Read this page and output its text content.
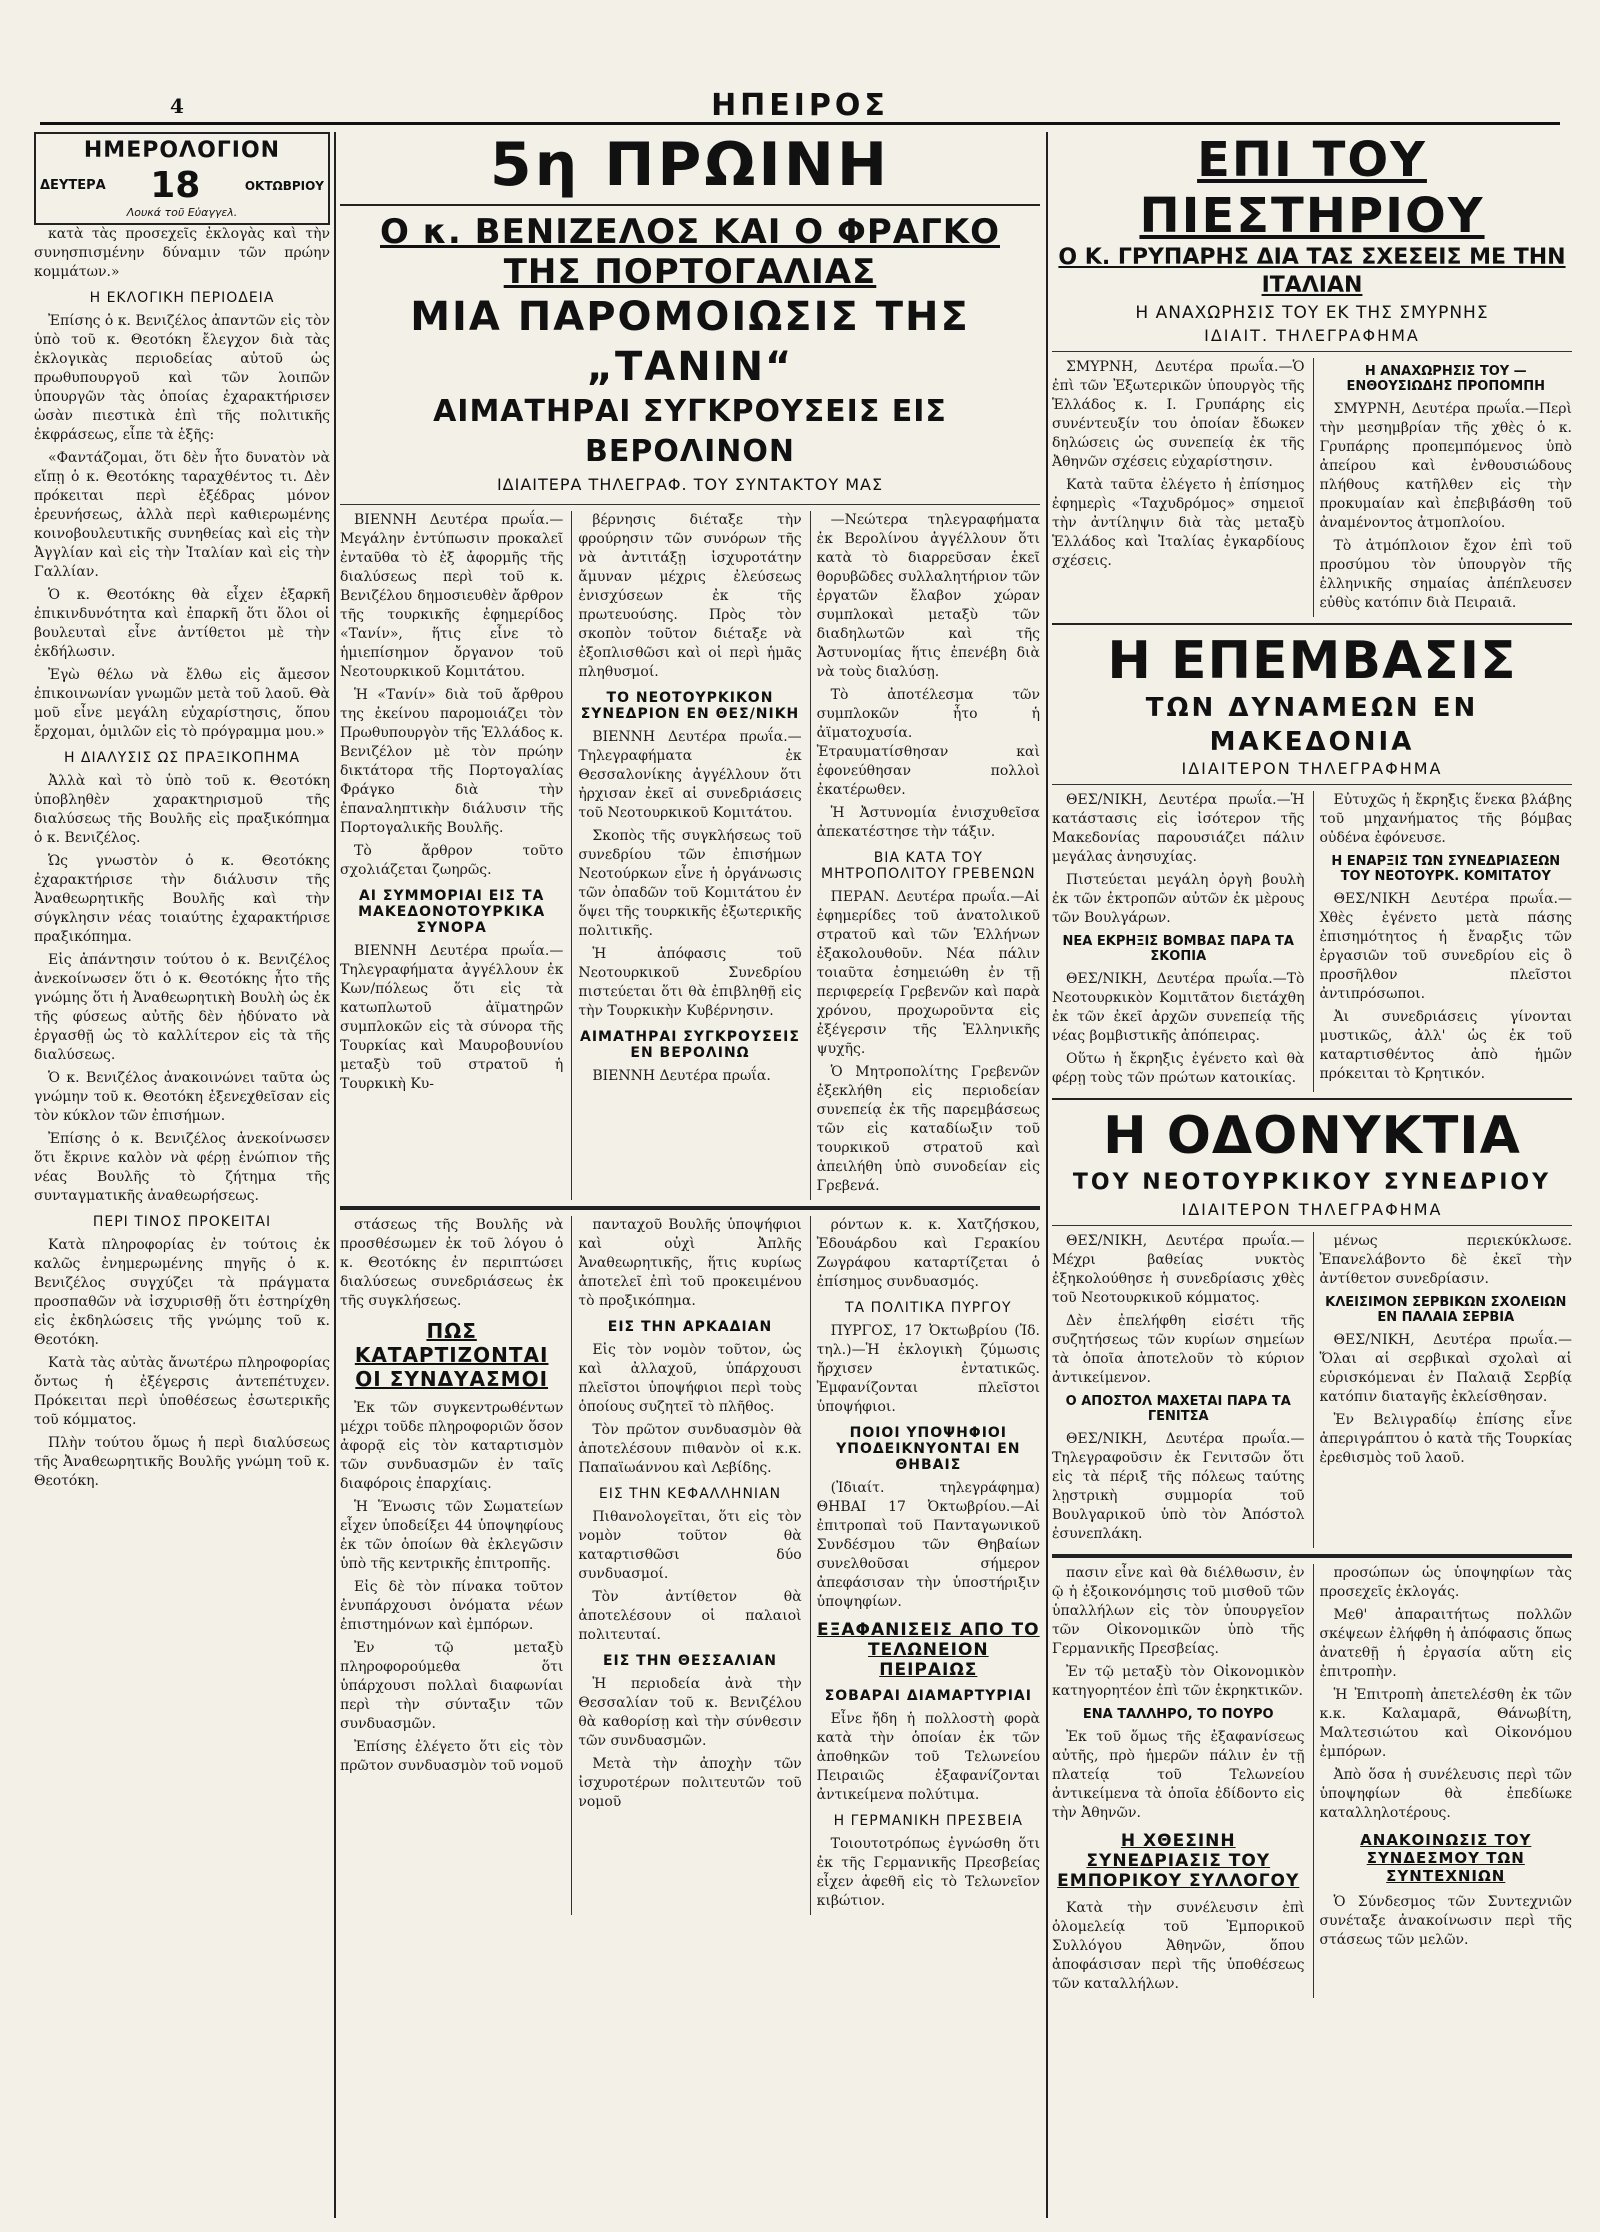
4	ΗΠΕΙΡΟΣ
ΗΜΕΡΟΛΟΓΙΟΝ
ΔΕΥΤΕΡΑ 18	ΟΚΤΩΒΡΙΟΥ
Λουκά τοῦ Εὐαγγελ.

κατὰ τὰς προσεχεῖς ἐκλογὰς καὶ τὴν συνησπισμένην δύναμιν τῶν πρώην κομμάτων.»

Η ΕΚΛΟΓΙΚΗ ΠΕΡΙΟΔΕΙΑ

Ἐπίσης ὁ κ. Βενιζέλος ἀπαντῶν εἰς τὸν ὑπὸ τοῦ κ. Θεοτόκη ἔλεγχον διὰ τὰς ἐκλογικὰς περιοδείας αὐτοῦ ὡς πρωθυπουργοῦ καὶ τῶν λοιπῶν ὑπουργῶν τὰς ὁποίας ἐχαρακτήρισεν ὡσὰν πιεστικὰ ἐπὶ τῆς πολιτικῆς ἐκφράσεως, εἶπε τὰ ἑξῆς:

«Φαντάζομαι, ὅτι δὲν ἦτο δυνατὸν νὰ εἴπῃ ὁ κ. Θεοτόκης ταραχθέντος τι. Δὲν πρόκειται περὶ ἐξέδρας μόνον ἐρευνήσεως, ἀλλὰ περὶ καθιερωμένης κοινοβουλευτικῆς συνηθείας καὶ εἰς τὴν Ἀγγλίαν καὶ εἰς τὴν Ἰταλίαν καὶ εἰς τὴν Γαλλίαν.

Ὁ κ. Θεοτόκης θὰ εἶχεν ἐξαρκῆ ἐπικινδυνότητα καὶ ἐπαρκῆ ὅτι ὅλοι οἱ βουλευταὶ εἶνε ἀντίθετοι μὲ τὴν ἐκδήλωσιν.

Ἐγὼ θέλω νὰ ἔλθω εἰς ἄμεσον ἐπικοινωνίαν γνωμῶν μετὰ τοῦ λαοῦ. Θὰ μοῦ εἶνε μεγάλη εὐχαρίστησις, ὅπου ἔρχομαι, ὁμιλῶν εἰς τὸ πρόγραμμα μου.»

Η ΔΙΑΛΥΣΙΣ ΩΣ ΠΡΑΞΙΚΟΠΗΜΑ

Ἀλλὰ καὶ τὸ ὑπὸ τοῦ κ. Θεοτόκη ὑποβληθὲν χαρακτηρισμοῦ τῆς διαλύσεως τῆς Βουλῆς εἰς πραξικόπημα ὁ κ. Βενιζέλος.

Ὡς γνωστὸν ὁ κ. Θεοτόκης ἐχαρακτήρισε τὴν διάλυσιν τῆς Ἀναθεωρητικῆς Βουλῆς καὶ τὴν σύγκλησιν νέας τοιαύτης ἐχαρακτήρισε πραξικόπημα.

Εἰς ἀπάντησιν τούτου ὁ κ. Βενιζέλος ἀνεκοίνωσεν ὅτι ὁ κ. Θεοτόκης ἦτο τῆς γνώμης ὅτι ἡ Ἀναθεωρητικὴ Βουλὴ ὡς ἐκ τῆς φύσεως αὐτῆς δὲν ἠδύνατο νὰ ἐργασθῇ ὡς τὸ καλλίτερον εἰς τὰ τῆς διαλύσεως.

Ὁ κ. Βενιζέλος ἀνακοινώνει ταῦτα ὡς γνώμην τοῦ κ. Θεοτόκη ἐξενεχθεῖσαν εἰς τὸν κύκλον τῶν ἐπισήμων.

Ἐπίσης ὁ κ. Βενιζέλος ἀνεκοίνωσεν ὅτι ἔκρινε καλὸν νὰ φέρῃ ἐνώπιον τῆς νέας Βουλῆς τὸ ζήτημα τῆς συνταγματικῆς ἀναθεωρήσεως.

ΠΕΡΙ ΤΙΝΟΣ ΠΡΟΚΕΙΤΑΙ

Κατὰ πληροφορίας ἐν τούτοις ἐκ καλῶς ἐνημερωμένης πηγῆς ὁ κ. Βενιζέλος συγχύζει τὰ πράγματα προσπαθῶν νὰ ἰσχυρισθῇ ὅτι ἐστηρίχθη εἰς ἐκδηλώσεις τῆς γνώμης τοῦ κ. Θεοτόκη.

Κατὰ τὰς αὐτὰς ἄνωτέρω πληροφορίας ὄντως ἡ ἐξέγερσις ἀντεπέτυχεν. Πρόκειται περὶ ὑποθέσεως ἐσωτερικῆς τοῦ κόμματος.

Πλὴν τούτου ὅμως ἡ περὶ διαλύσεως τῆς Ἀναθεωρητικῆς Βουλῆς γνώμη τοῦ κ. Θεοτόκη.

5η ΠΡΩΙΝΗ
Ο κ. ΒΕΝΙΖΕΛΟΣ ΚΑΙ Ο ΦΡΑΓΚΟ ΤΗΣ ΠΟΡΤΟΓΑΛΙΑΣ
ΜΙΑ ΠΑΡΟΜΟΙΩΣΙΣ ΤΗΣ „ΤΑΝΙΝ“
ΑΙΜΑΤΗΡΑΙ ΣΥΓΚΡΟΥΣΕΙΣ ΕΙΣ ΒΕΡΟΛΙΝΟΝ
ΙΔΙΑΙΤΕΡΑ ΤΗΛΕΓΡΑΦ. ΤΟΥ ΣΥΝΤΑΚΤΟΥ ΜΑΣ

ΒΙΕΝΝΗ Δευτέρα πρωΐα.—Μεγάλην ἐντύπωσιν προκαλεῖ ἐνταῦθα τὸ ἐξ ἀφορμῆς τῆς διαλύσεως περὶ τοῦ κ. Βενιζέλου δημοσιευθὲν ἄρθρον τῆς τουρκικῆς ἐφημερίδος «Τανίν», ἥτις εἶνε τὸ ἡμιεπίσημον ὄργανον τοῦ Νεοτουρκικοῦ Κομιτάτου.

Ἡ «Τανίν» διὰ τοῦ ἄρθρου της ἐκείνου παρομοιάζει τὸν Πρωθυπουργὸν τῆς Ἑλλάδος κ. Βενιζέλον μὲ τὸν πρώην δικτάτορα τῆς Πορτογαλίας Φράγκο διὰ τὴν ἐπαναληπτικὴν διάλυσιν τῆς Πορτογαλικῆς Βουλῆς.

Τὸ ἄρθρον τοῦτο σχολιάζεται ζωηρῶς.

ΑΙ ΣΥΜΜΟΡΙΑΙ ΕΙΣ ΤΑ ΜΑΚΕΔΟΝΟΤΟΥΡΚΙΚΑ ΣΥΝΟΡΑ

ΒΙΕΝΝΗ Δευτέρα πρωΐα.—Τηλεγραφήματα ἀγγέλλουν ἐκ Κων/πόλεως ὅτι εἰς τὰ κατωπλωτοῦ ἀϊματηρῶν συμπλοκῶν εἰς τὰ σύνορα τῆς Τουρκίας καὶ Μαυροβουνίου μεταξὺ τοῦ στρατοῦ ἡ Τουρκικὴ Κυ-

βέρνησις διέταξε τὴν φρούρησιν τῶν συνόρων τῆς νὰ ἀντιτάξῃ ἰσχυροτάτην ἄμυναν μέχρις ἐλεύσεως ἐνισχύσεων ἐκ τῆς πρωτευούσης. Πρὸς τὸν σκοπὸν τοῦτον διέταξε νὰ ἐξοπλισθῶσι καὶ οἱ περὶ ἡμᾶς πληθυσμοί.

ΤΟ ΝΕΟΤΟΥΡΚΙΚΟΝ ΣΥΝΕΔΡΙΟΝ ΕΝ ΘΕΣ/ΝΙΚΗ

ΒΙΕΝΝΗ Δευτέρα πρωΐα.—Τηλεγραφήματα ἐκ Θεσσαλονίκης ἀγγέλλουν ὅτι ἠρχισαν ἐκεῖ αἱ συνεδριάσεις τοῦ Νεοτουρκικοῦ Κομιτάτου.

Σκοπὸς τῆς συγκλήσεως τοῦ συνεδρίου τῶν ἐπισήμων Νεοτούρκων εἶνε ἡ ὀργάνωσις τῶν ὀπαδῶν τοῦ Κομιτάτου ἐν ὅψει τῆς τουρκικῆς ἐξωτερικῆς πολιτικῆς.

Ἡ ἀπόφασις τοῦ Νεοτουρκικοῦ Συνεδρίου πιστεύεται ὅτι θὰ ἐπιβληθῇ εἰς τὴν Τουρκικὴν Κυβέρνησιν.

ΑΙΜΑΤΗΡΑΙ ΣΥΓΚΡΟΥΣΕΙΣ ΕΝ ΒΕΡΟΛΙΝΩ

ΒΙΕΝΝΗ Δευτέρα πρωΐα.

—Νεώτερα τηλεγραφήματα ἐκ Βερολίνου ἀγγέλλουν ὅτι κατὰ τὸ διαρρεῦσαν ἑκεῖ θορυβῶδες συλλαλητήριον τῶν ἐργατῶν ἔλαβον χώραν συμπλοκαὶ μεταξὺ τῶν διαδηλωτῶν καὶ τῆς Ἀστυνομίας ἥτις ἐπενέβη διὰ νὰ τοὺς διαλύσῃ.

Τὸ ἀποτέλεσμα τῶν συμπλοκῶν ἦτο ἡ ἀϊματοχυσία. Ἐτραυματίσθησαν καὶ ἐφονεύθησαν πολλοὶ ἐκατέρωθεν.

Ἡ Ἀστυνομία ἐνισχυθεῖσα ἀπεκατέστησε τὴν τάξιν.

ΒΙΑ ΚΑΤΑ ΤΟΥ ΜΗΤΡΟΠΟΛΙΤΟΥ ΓΡΕΒΕΝΩΝ

ΠΕΡΑΝ. Δευτέρα πρωΐα.—Αἱ ἐφημερίδες τοῦ ἀνατολικοῦ στρατοῦ καὶ τῶν Ἑλλήνων ἐξακολουθοῦν. Νέα πάλιν τοιαῦτα ἐσημειώθη ἐν τῇ περιφερείᾳ Γρεβενῶν καὶ παρὰ χρόνου, προχωροῦντα εἰς ἐξέγερσιν τῆς Ἑλληνικῆς ψυχῆς.

Ὁ Μητροπολίτης Γρεβενῶν ἐξεκλήθη εἰς περιοδείαν συνεπείᾳ ἐκ τῆς παρεμβάσεως τῶν εἰς καταδίωξιν τοῦ τουρκικοῦ στρατοῦ καὶ ἀπειλήθη ὑπὸ συνοδείαν εἰς Γρεβενά.

στάσεως τῆς Βουλῆς νὰ προσθέσωμεν ἐκ τοῦ λόγου ὁ κ. Θεοτόκης ἐν περιπτώσει διαλύσεως συνεδριάσεως ἐκ τῆς συγκλήσεως.

ΠΩΣ ΚΑΤΑΡΤΙΖΟΝΤΑΙ ΟΙ ΣΥΝΔΥΑΣΜΟΙ

Ἐκ τῶν συγκεντρωθέντων μέχρι τοῦδε πληροφοριῶν ὅσον ἀφορᾷ εἰς τὸν καταρτισμὸν τῶν συνδυασμῶν ἐν ταῖς διαφόροις ἐπαρχίαις.

Ἡ Ἕνωσις τῶν Σωματείων εἶχεν ὑποδείξει 44 ὑποψηφίους ἐκ τῶν ὁποίων θὰ ἐκλεγῶσιν ὑπὸ τῆς κεντρικῆς ἐπιτροπῆς.

Εἰς δὲ τὸν πίνακα τοῦτον ἐνυπάρχουσι ὀνόματα νέων ἐπιστημόνων καὶ ἐμπόρων.

Ἐν τῷ μεταξὺ πληροφορούμεθα ὅτι ὑπάρχουσι πολλαὶ διαφωνίαι περὶ τὴν σύνταξιν τῶν συνδυασμῶν.

Ἐπίσης ἐλέγετο ὅτι εἰς τὸν πρῶτον συνδυασμὸν τοῦ νομοῦ

πανταχοῦ Βουλῆς ὑποψήφιοι καὶ οὐχὶ Ἀπλῆς Ἀναθεωρητικῆς, ἥτις κυρίως ἀποτελεῖ ἐπὶ τοῦ προκειμένου τὸ προξικόπημα.

ΕΙΣ ΤΗΝ ΑΡΚΑΔΙΑΝ

Εἰς τὸν νομὸν τοῦτον, ὡς καὶ ἀλλαχοῦ, ὑπάρχουσι πλεῖστοι ὑποψήφιοι περὶ τοὺς ὁποίους συζητεῖ τὸ πλῆθος.

Τὸν πρῶτον συνδυασμὸν θὰ ἀποτελέσουν πιθανὸν οἱ κ.κ. Παπαϊωάννου καὶ Λεβίδης.

ΕΙΣ ΤΗΝ ΚΕΦΑΛΛΗΝΙΑΝ

Πιθανολογεῖται, ὅτι εἰς τὸν νομὸν τοῦτον θὰ καταρτισθῶσι δύο συνδυασμοί.

Τὸν ἀντίθετον θὰ ἀποτελέσουν οἱ παλαιοὶ πολιτευταί.

ΕΙΣ ΤΗΝ ΘΕΣΣΑΛΙΑΝ

Ἡ περιοδεία ἀνὰ τὴν Θεσσαλίαν τοῦ κ. Βενιζέλου θὰ καθορίσῃ καὶ τὴν σύνθεσιν τῶν συνδυασμῶν.

Μετὰ τὴν ἀποχὴν τῶν ἰσχυροτέρων πολιτευτῶν τοῦ νομοῦ

ρόντων κ. κ. Χατζήσκου, Ἐδουάρδου καὶ Γερακίου Ζωγράφου καταρτίζεται ὁ ἐπίσημος συνδυασμός.

ΤΑ ΠΟΛΙΤΙΚΑ ΠΥΡΓΟΥ

ΠΥΡΓΟΣ, 17 Ὀκτωβρίου (Ἰδ. τηλ.)—Ἡ ἐκλογικὴ ζύμωσις ἤρχισεν ἐντατικῶς. Ἐμφανίζονται πλεῖστοι ὑποψήφιοι.

ΠΟΙΟΙ ΥΠΟΨΗΦΙΟΙ ΥΠΟΔΕΙΚΝΥΟΝΤΑΙ ΕΝ ΘΗΒΑΙΣ

(Ἰδιαίτ. τηλεγράφημα) ΘΗΒΑΙ 17 Ὀκτωβρίου.—Αἱ ἐπιτροπαὶ τοῦ Πανταγωνικοῦ Συνδέσμου τῶν Θηβαίων συνελθοῦσαι σήμερον ἀπεφάσισαν τὴν ὑποστήριξιν ὑποψηφίων.

ΕΞΑΦΑΝΙΣΕΙΣ ΑΠΟ ΤΟ ΤΕΛΩΝΕΙΟΝ ΠΕΙΡΑΙΩΣ
ΣΟΒΑΡΑΙ ΔΙΑΜΑΡΤΥΡΙΑΙ

Εἶνε ἤδη ἡ πολλοστὴ φορὰ κατὰ τὴν ὁποίαν ἐκ τῶν ἀποθηκῶν τοῦ Τελωνείου Πειραιῶς ἐξαφανίζονται ἀντικείμενα πολύτιμα.

Η ΓΕΡΜΑΝΙΚΗ ΠΡΕΣΒΕΙΑ

Τοιουτοτρόπως ἐγνώσθη ὅτι ἐκ τῆς Γερμανικῆς Πρεσβείας εἶχεν ἀφεθῆ εἰς τὸ Τελωνεῖον κιβώτιον.

ΕΠΙ ΤΟΥ ΠΙΕΣΤΗΡΙΟΥ
Ο Κ. ΓΡΥΠΑΡΗΣ ΔΙΑ ΤΑΣ ΣΧΕΣΕΙΣ ΜΕ ΤΗΝ ΙΤΑΛΙΑΝ
Η ΑΝΑΧΩΡΗΣΙΣ ΤΟΥ ΕΚ ΤΗΣ ΣΜΥΡΝΗΣ
ΙΔΙΑΙΤ. ΤΗΛΕΓΡΑΦΗΜΑ

ΣΜΥΡΝΗ, Δευτέρα πρωΐα.—Ὁ ἐπὶ τῶν Ἐξωτερικῶν ὑπουργὸς τῆς Ἑλλάδος κ. Ι. Γρυπάρης εἰς συνέντευξίν του ὁποίαν ἔδωκεν δηλώσεις ὡς συνεπείᾳ ἐκ τῆς Ἀθηνῶν σχέσεις εὐχαρίστησιν.

Κατὰ ταῦτα ἐλέγετο ἡ ἐπίσημος ἐφημερὶς «Ταχυδρόμος» σημειοῖ τὴν ἀντίληψιν διὰ τὰς μεταξὺ Ἑλλάδος καὶ Ἰταλίας ἐγκαρδίους σχέσεις.

Η ΑΝΑΧΩΡΗΣΙΣ ΤΟΥ — ΕΝΘΟΥΣΙΩΔΗΣ ΠΡΟΠΟΜΠΗ

ΣΜΥΡΝΗ, Δευτέρα πρωΐα.—Περὶ τὴν μεσημβρίαν τῆς χθὲς ὁ κ. Γρυπάρης προπεμπόμενος ὑπὸ ἀπείρου καὶ ἐνθουσιώδους πλήθους κατῆλθεν εἰς τὴν προκυμαίαν καὶ ἐπεβιβάσθη τοῦ ἀναμένοντος ἀτμοπλοίου.

Τὸ ἀτμόπλοιον ἔχον ἐπὶ τοῦ προσύμου τὸν ὑπουργὸν τῆς ἑλληνικῆς σημαίας ἀπέπλευσεν εὐθὺς κατόπιν διὰ Πειραιᾶ.

Η ΕΠΕΜΒΑΣΙΣ
ΤΩΝ ΔΥΝΑΜΕΩΝ ΕΝ ΜΑΚΕΔΟΝΙΑ
ΙΔΙΑΙΤΕΡΟΝ ΤΗΛΕΓΡΑΦΗΜΑ

ΘΕΣ/ΝΙΚΗ, Δευτέρα πρωΐα.—Ἡ κατάστασις εἰς ἰσότερον τῆς Μακεδονίας παρουσιάζει πάλιν μεγάλας ἀνησυχίας.

Πιστεύεται μεγάλη ὀργὴ βουλὴ ἐκ τῶν ἐκτροπῶν αὐτῶν ἐκ μὲρους τῶν Βουλγάρων.

ΝΕΑ ΕΚΡΗΞΙΣ ΒΟΜΒΑΣ ΠΑΡΑ ΤΑ ΣΚΟΠΙΑ

ΘΕΣ/ΝΙΚΗ, Δευτέρα πρωΐα.—Τὸ Νεοτουρκικὸν Κομιτᾶτον διετάχθη ἐκ τῶν ἐκεῖ ἀρχῶν συνεπείᾳ τῆς νέας βομβιστικῆς ἀπόπειρας.

Οὕτω ἡ ἔκρηξις ἐγένετο καὶ θὰ φέρῃ τοὺς τῶν πρώτων κατοικίας.

Εὐτυχῶς ἡ ἔκρηξις ἕνεκα βλάβης τοῦ μηχανήματος τῆς βόμβας οὐδένα ἐφόνευσε.

Η ΕΝΑΡΞΙΣ ΤΩΝ ΣΥΝΕΔΡΙΑΣΕΩΝ ΤΟΥ ΝΕΟΤΟΥΡΚ. ΚΟΜΙΤΑΤΟΥ

ΘΕΣ/ΝΙΚΗ Δευτέρα πρωΐα.—Χθὲς ἐγένετο μετὰ πάσης ἐπισημότητος ἡ ἔναρξις τῶν ἐργασιῶν τοῦ συνεδρίου εἰς ὃ προσῆλθον πλεῖστοι ἀντιπρόσωποι.

Ἀι συνεδριάσεις γίνονται μυστικῶς, ἀλλ' ὡς ἐκ τοῦ καταρτισθέντος ἀπὸ ἡμῶν πρόκειται τὸ Κρητικόν.

Η ΟΔΟΝΥΚΤΙΑ
ΤΟΥ ΝΕΟΤΟΥΡΚΙΚΟΥ ΣΥΝΕΔΡΙΟΥ
ΙΔΙΑΙΤΕΡΟΝ ΤΗΛΕΓΡΑΦΗΜΑ

ΘΕΣ/ΝΙΚΗ, Δευτέρα πρωΐα.—Μέχρι βαθείας νυκτὸς ἐξηκολούθησε ἡ συνεδρίασις χθὲς τοῦ Νεοτουρκικοῦ κόμματος.

Δὲν ἐπελήφθη εἰσέτι τῆς συζητήσεως τῶν κυρίων σημείων τὰ ὁποῖα ἀποτελοῦν τὸ κύριον ἀντικείμενον.

Ο ΑΠΟΣΤΟΛ ΜΑΧΕΤΑΙ ΠΑΡΑ ΤΑ ΓΕΝΙΤΣΑ

ΘΕΣ/ΝΙΚΗ, Δευτέρα πρωΐα.—Τηλεγραφοῦσιν ἐκ Γενιτσῶν ὅτι εἰς τὰ πέριξ τῆς πόλεως ταύτης λῃστρικὴ συμμορία τοῦ Βουλγαρικοῦ ὑπὸ τὸν Ἀπόστολ ἐσυνεπλάκη.

μένως περιεκύκλωσε. Ἐπανελάβοντο δὲ ἐκεῖ τὴν ἀντίθετον συνεδρίασιν.

ΚΛΕΙΣΙΜΟΝ ΣΕΡΒΙΚΩΝ ΣΧΟΛΕΙΩΝ ΕΝ ΠΑΛΑΙΑ ΣΕΡΒΙΑ

ΘΕΣ/ΝΙΚΗ, Δευτέρα πρωΐα.—Ὅλαι αἱ σερβικαὶ σχολαὶ αἱ εὑρισκόμεναι ἐν Παλαιᾷ Σερβίᾳ κατόπιν διαταγῆς ἐκλείσθησαν.

Ἐν Βελιγραδίῳ ἐπίσης εἶνε ἀπεριγράπτου ὁ κατὰ τῆς Τουρκίας ἐρεθισμὸς τοῦ λαοῦ.

πασιν εἶνε καὶ θὰ διέλθωσιν, ἐν ῷ ἡ ἐξοικονόμησις τοῦ μισθοῦ τῶν ὑπαλλήλων εἰς τὸν ὑπουργεῖον τῶν Οἰκονομικῶν ὑπὸ τῆς Γερμανικῆς Πρεσβείας.

Ἐν τῷ μεταξὺ τὸν Οἰκονομικὸν κατηγορητέον ἐπὶ τῶν ἐκρηκτικῶν.

ΕΝΑ ΤΑΛΛΗΡΟ, ΤΟ ΠΟΥΡΟ

Ἐκ τοῦ ὅμως τῆς ἐξαφανίσεως αὐτῆς, πρὸ ἡμερῶν πάλιν ἐν τῇ πλατείᾳ τοῦ Τελωνείου ἀντικείμενα τὰ ὁποῖα ἐδίδοντο εἰς τὴν Ἀθηνῶν.

Η ΧΘΕΣΙΝΗ ΣΥΝΕΔΡΙΑΣΙΣ ΤΟΥ ΕΜΠΟΡΙΚΟΥ ΣΥΛΛΟΓΟΥ

Κατὰ τὴν συνέλευσιν ἐπὶ ὁλομελείᾳ τοῦ Ἐμπορικοῦ Συλλόγου Ἀθηνῶν, ὅπου ἀποφάσισαν περὶ τῆς ὑποθέσεως τῶν καταλλήλων.

προσώπων ὡς ὑποψηφίων τὰς προσεχεῖς ἐκλογάς.

Μεθ' ἀπαραιτήτως πολλῶν σκέψεων ἐλήφθη ἡ ἀπόφασις ὅπως ἀνατεθῇ ἡ ἐργασία αὕτη εἰς ἐπιτροπὴν.

Ἡ Ἐπιτροπὴ ἀπετελέσθη ἐκ τῶν κ.κ. Καλαμαρᾶ, Θάνωβίτη, Μαλτεσιώτου καὶ Οἰκονόμου ἐμπόρων.

Ἀπὸ ὅσα ἡ συνέλευσις περὶ τῶν ὑποψηφίων θὰ ἐπεδίωκε καταλληλοτέρους.

ΑΝΑΚΟΙΝΩΣΙΣ ΤΟΥ ΣΥΝΔΕΣΜΟΥ ΤΩΝ ΣΥΝΤΕΧΝΙΩΝ

Ὁ Σύνδεσμος τῶν Συντεχνιῶν συνέταξε ἀνακοίνωσιν περὶ τῆς στάσεως τῶν μελῶν.
